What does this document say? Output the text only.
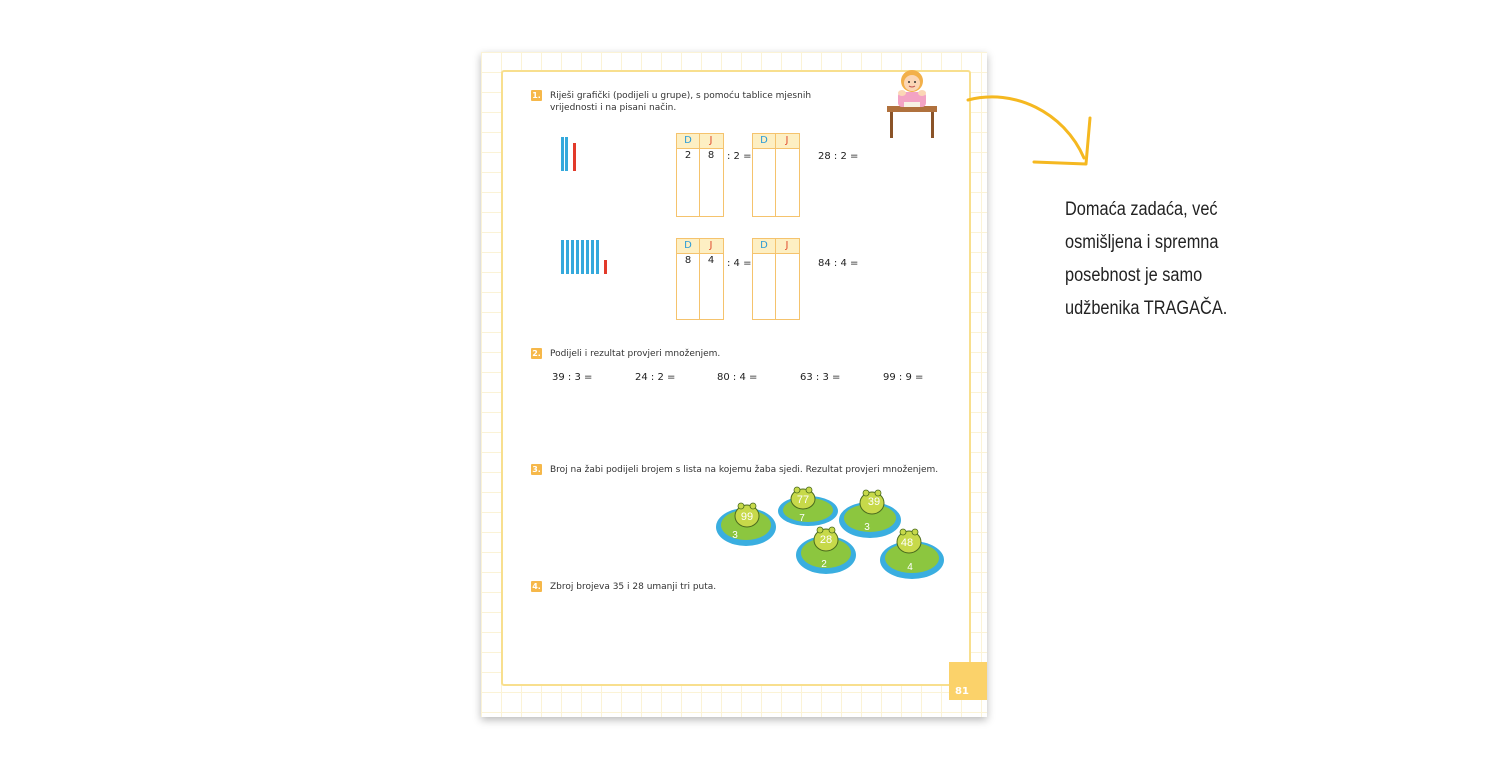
81
1. Riješi grafički (podijeli u grupe), s pomoću tablice mjesnih
vrijednosti i na pisani način.
D	J
2	8	: 2 =
D	J
28 : 2 =
D	J
8	4	: 4 =
D	J
84 : 4 =
2. Podijeli i rezultat provjeri množenjem.
39 : 3 =	24 : 2 =	80 : 4 =	63 : 3 =	99 : 9 =
3. Broj na žabi podijeli brojem s lista na kojemu žaba sjedi. Rezultat provjeri množenjem.
99
3
77
7
39
3
28
2
48
4
4. Zbroj brojeva 35 i 28 umanji tri puta.
Domaća zadaća, već
osmišljena i spremna
posebnost je samo
udžbenika TRAGAČA.
